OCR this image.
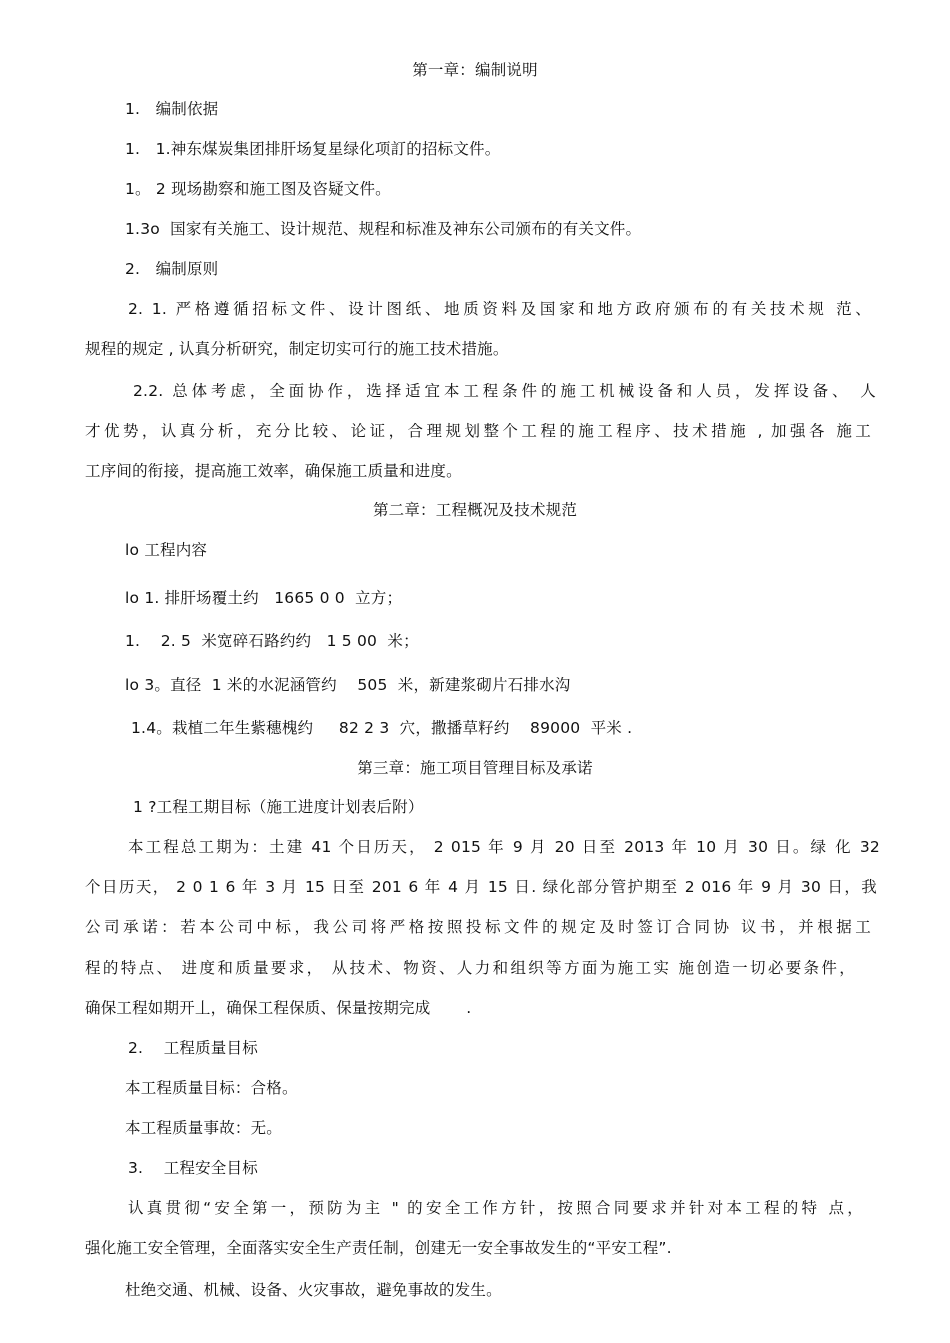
第一章：编制说明
1.   编制依据
1.   1.神东煤炭集团排肝场复星绿化项訂的招标文件。
1。 2 现场勘察和施工图及咨疑文件。
1.3o  国家有关施工、设计规范、规程和标准及神东公司颁布的有关文件。
2.   编制原则
2. 1. 严格遵循招标文件、设计图纸、地质资料及国家和地方政府颁布的有关技术规 范、
规程的规定 , 认真分析研究，制定切实可行的施工技术措施。
2.2. 总体考虑，全面协作，选择适宜本工程条件的施工机械设备和人员，发挥设备、 人
才优势，认真分析，充分比较、论证，合理规划整个工程的施工程序、技术措施 , 加强各 施工
工序间的衔接，提高施工效率，确保施工质量和进度。
第二章：工程概况及技术规范
lo 工程内容
lo 1. 排肝场覆土约   1665 0 0  立方；
1.    2. 5  米宽碎石路约约   1 5 00  米；
lo 3。直径  1 米的水泥涵管约    505  米，新建浆砌片石排水沟
1.4。栽植二年生紫穗槐约     82 2 3  穴，撒播草籽约    89000  平米 .
第三章：施工项目管理目标及承诺
1 ?工程工期目标（施工进度计划表后附）
本工程总工期为：土建 41 个日历天， 2 015 年 9 月 20 日至 2013 年 10 月 30 日。绿 化 32
个日历天， 2 0 1 6 年 3 月 15 日至 201 6 年 4 月 15 日. 绿化部分管护期至 2 016 年 9 月 30 日，我
公司承诺：若本公司中标，我公司将严格按照投标文件的规定及时签订合同协 议书，并根据工
程的特点、 进度和质量要求， 从技术、物资、人力和组织等方面为施工实 施创造一切必要条件，
确保工程如期开丄，确保工程保质、保量按期完成       .
2.    工程质量目标
本工程质量目标：合格。
本工程质量事故：无。
3.    工程安全目标
认真贯彻“安全第一，预防为主 " 的安全工作方针，按照合同要求并针对本工程的特 点，
强化施工安全管理，全面落实安全生产责任制，创建无一安全事故发生的“平安工程”.
杜绝交通、机械、设备、火灾事故，避免事故的发生。
